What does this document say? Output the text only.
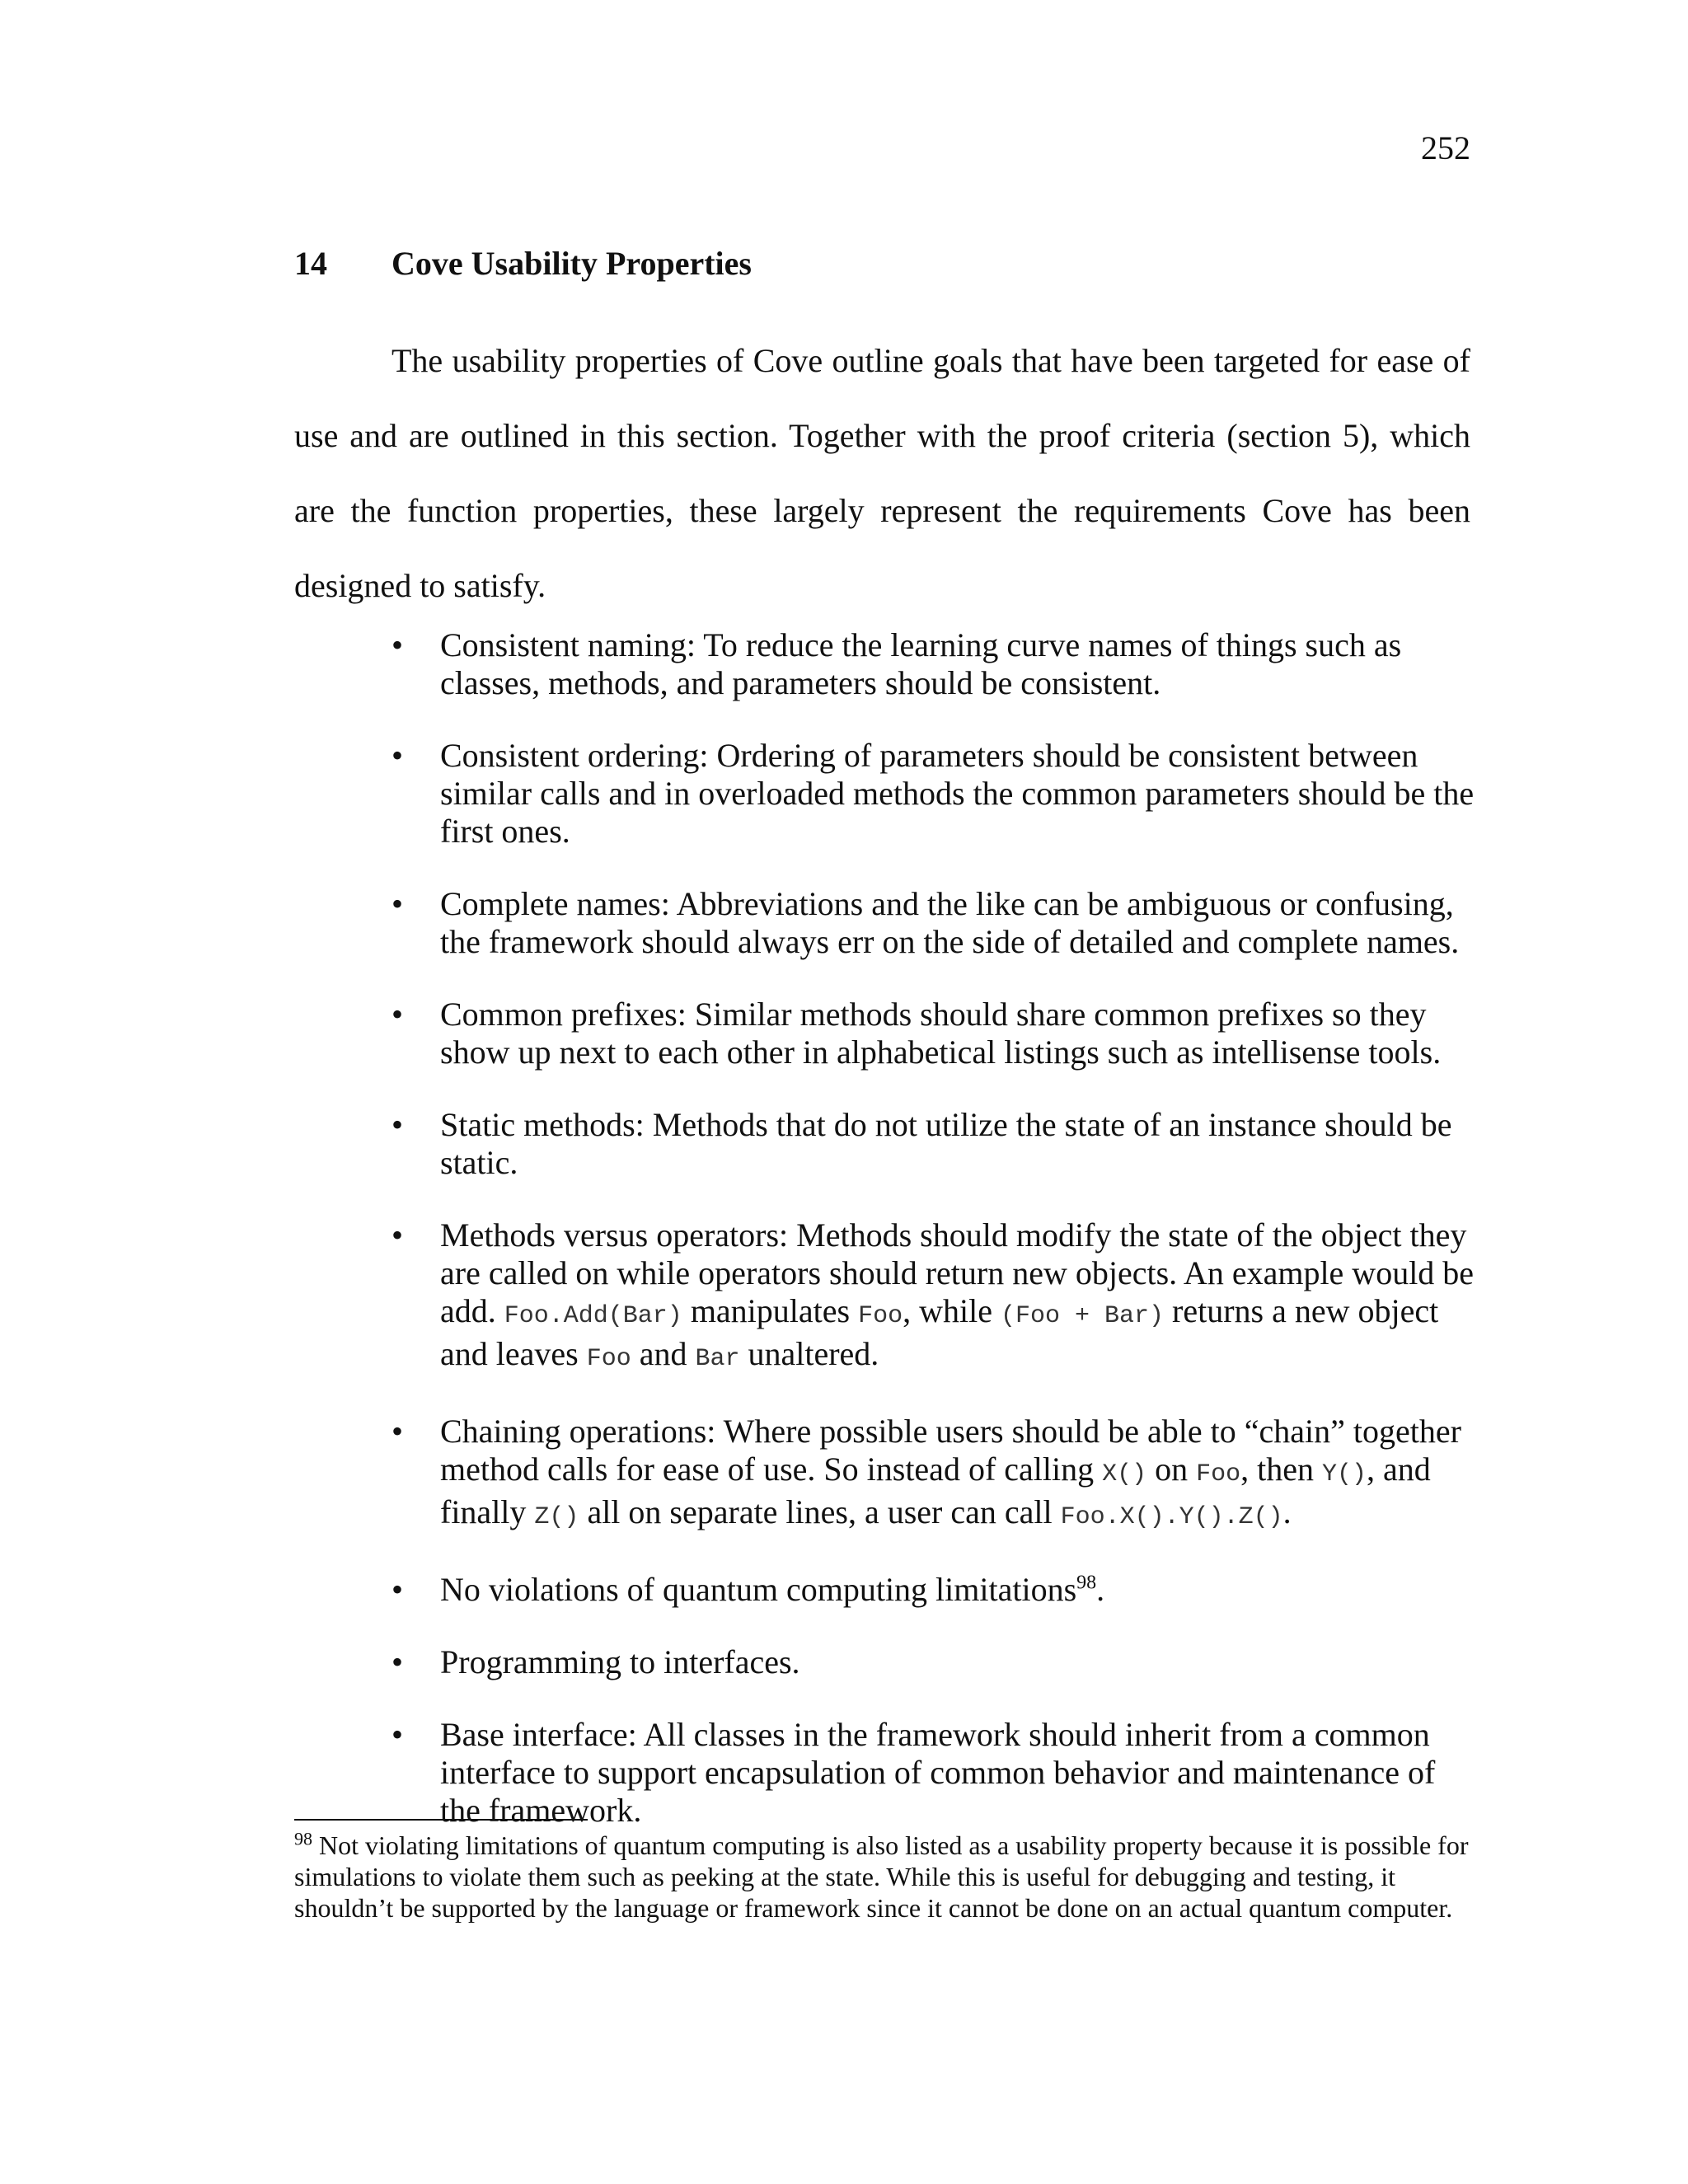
252
14 Cove Usability Properties

The usability properties of Cove outline goals that have been targeted for ease of use and are outlined in this section. Together with the proof criteria (section 5), which are the function properties, these largely represent the requirements Cove has been designed to satisfy.

• Consistent naming: To reduce the learning curve names of things such as classes, methods, and parameters should be consistent.
• Consistent ordering: Ordering of parameters should be consistent between similar calls and in overloaded methods the common parameters should be the first ones.
• Complete names: Abbreviations and the like can be ambiguous or confusing, the framework should always err on the side of detailed and complete names.
• Common prefixes: Similar methods should share common prefixes so they show up next to each other in alphabetical listings such as intellisense tools.
• Static methods: Methods that do not utilize the state of an instance should be static.
• Methods versus operators: Methods should modify the state of the object they are called on while operators should return new objects. An example would be add. Foo.Add(Bar) manipulates Foo, while (Foo + Bar) returns a new object and leaves Foo and Bar unaltered.
• Chaining operations: Where possible users should be able to “chain” together method calls for ease of use. So instead of calling X() on Foo, then Y(), and finally Z() all on separate lines, a user can call Foo.X().Y().Z().
• No violations of quantum computing limitations$^{98}$.
• Programming to interfaces.
• Base interface: All classes in the framework should inherit from a common interface to support encapsulation of common behavior and maintenance of the framework.

$^{98}$ Not violating limitations of quantum computing is also listed as a usability property because it is possible for simulations to violate them such as peeking at the state. While this is useful for debugging and testing, it shouldn’t be supported by the language or framework since it cannot be done on an actual quantum computer.
